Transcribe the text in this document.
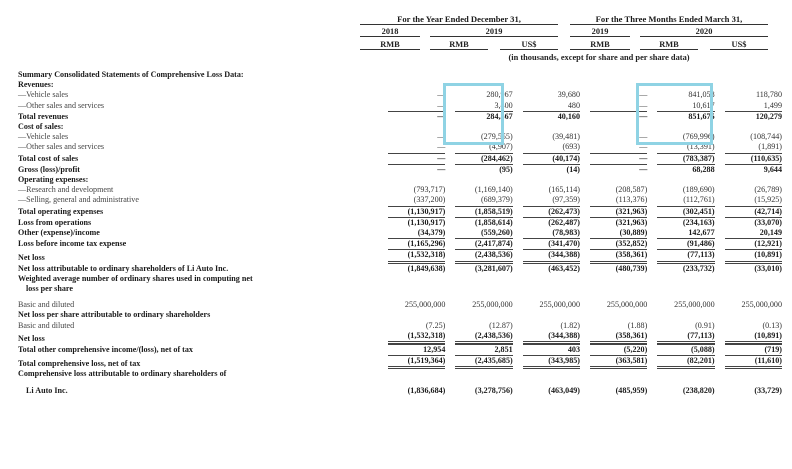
For the Year Ended December 31,	For the Three Months Ended March 31,
2018	2019	2019	2020
RMB	RMB	US$	RMB	RMB	US$
(in thousands, except for share and per share data)
Summary Consolidated Statements of Comprehensive Loss Data:						
Revenues:						
—Vehicle sales	—	280,967	39,680	—	841,058	118,780
—Other sales and services	—	3,400	480	—	10,617	1,499
Total revenues	—	284,367	40,160	—	851,675	120,279
Cost of sales:						
—Vehicle sales	—	(279,555)	(39,481)	—	(769,996)	(108,744)
—Other sales and services	—	(4,907)	(693)	—	(13,391)	(1,891)
Total cost of sales	—	(284,462)	(40,174)	—	(783,387)	(110,635)
Gross (loss)/profit	—	(95)	(14)	—	68,288	9,644
Operating expenses:						
—Research and development	(793,717)	(1,169,140)	(165,114)	(208,587)	(189,690)	(26,789)
—Selling, general and administrative	(337,200)	(689,379)	(97,359)	(113,376)	(112,761)	(15,925)
Total operating expenses	(1,130,917)	(1,858,519)	(262,473)	(321,963)	(302,451)	(42,714)
Loss from operations	(1,130,917)	(1,858,614)	(262,487)	(321,963)	(234,163)	(33,070)
Other (expense)/income	(34,379)	(559,260)	(78,983)	(30,889)	142,677	20,149
Loss before income tax expense	(1,165,296)	(2,417,874)	(341,470)	(352,852)	(91,486)	(12,921)
Net loss	(1,532,318)	(2,438,536)	(344,388)	(358,361)	(77,113)	(10,891)
Net loss attributable to ordinary shareholders of Li Auto Inc.	(1,849,638)	(3,281,607)	(463,452)	(480,739)	(233,732)	(33,010)
Weighted average number of ordinary shares used in computing net						
loss per share						

Basic and diluted	255,000,000	255,000,000	255,000,000	255,000,000	255,000,000	255,000,000
Net loss per share attributable to ordinary shareholders						
Basic and diluted	(7.25)	(12.87)	(1.82)	(1.88)	(0.91)	(0.13)
Net loss	(1,532,318)	(2,438,536)	(344,388)	(358,361)	(77,113)	(10,891)
Total other comprehensive income/(loss), net of tax	12,954	2,851	403	(5,220)	(5,088)	(719)
Total comprehensive loss, net of tax	(1,519,364)	(2,435,685)	(343,985)	(363,581)	(82,201)	(11,610)
Comprehensive loss attributable to ordinary shareholders of						

Li Auto Inc.	(1,836,684)	(3,278,756)	(463,049)	(485,959)	(238,820)	(33,729)
